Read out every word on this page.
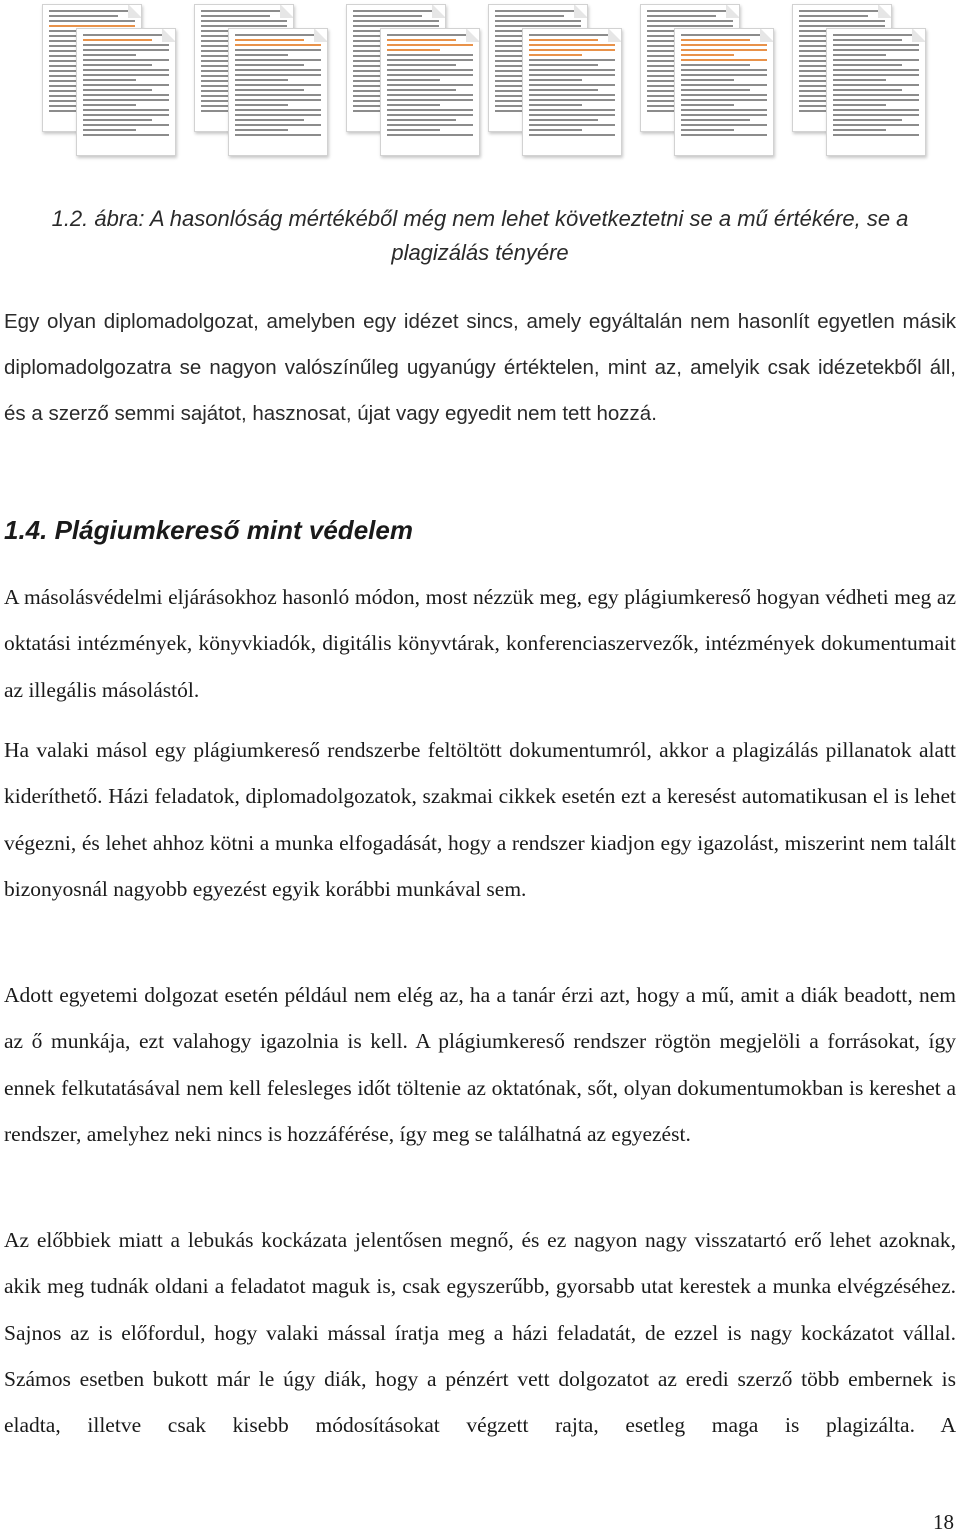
1.2. ábra: A hasonlóság mértékéből még nem lehet következtetni se a mű értékére, se a
plagizálás tényére

Egy olyan diplomadolgozat, amelyben egy idézet sincs, amely egyáltalán nem hasonlít egyetlen másik diplomadolgozatra se nagyon valószínűleg ugyanúgy értéktelen, mint az, amelyik csak idézetekből áll, és a szerző semmi sajátot, hasznosat, újat vagy egyedit nem tett hozzá.

1.4. Plágiumkereső mint védelem

A másolásvédelmi eljárásokhoz hasonló módon, most nézzük meg, egy plágiumkereső hogyan védheti meg az oktatási intézmények, könyvkiadók, digitális könyvtárak, konferenciaszervezők, intézmények dokumentumait az illegális másolástól.

Ha valaki másol egy plágiumkereső rendszerbe feltöltött dokumentumról, akkor a plagizálás pillanatok alatt kideríthető. Házi feladatok, diplomadolgozatok, szakmai cikkek esetén ezt a keresést automatikusan el is lehet végezni, és lehet ahhoz kötni a munka elfogadását, hogy a rendszer kiadjon egy igazolást, miszerint nem talált bizonyosnál nagyobb egyezést egyik korábbi munkával sem.

Adott egyetemi dolgozat esetén például nem elég az, ha a tanár érzi azt, hogy a mű, amit a diák beadott, nem az ő munkája, ezt valahogy igazolnia is kell. A plágiumkereső rendszer rögtön megjelöli a forrásokat, így ennek felkutatásával nem kell felesleges időt töltenie az oktatónak, sőt, olyan dokumentumokban is kereshet a rendszer, amelyhez neki nincs is hozzáférése, így meg se találhatná az egyezést.

Az előbbiek miatt a lebukás kockázata jelentősen megnő, és ez nagyon nagy visszatartó erő lehet azoknak, akik meg tudnák oldani a feladatot maguk is, csak egyszerűbb, gyorsabb utat kerestek a munka elvégzéséhez. Sajnos az is előfordul, hogy valaki mással íratja meg a házi feladatát, de ezzel is nagy kockázatot vállal. Számos esetben bukott már le úgy diák, hogy a pénzért vett dolgozatot az eredi szerző több embernek is eladta, illetve csak kisebb módosításokat végzett rajta, esetleg maga is plagizálta. A

18
